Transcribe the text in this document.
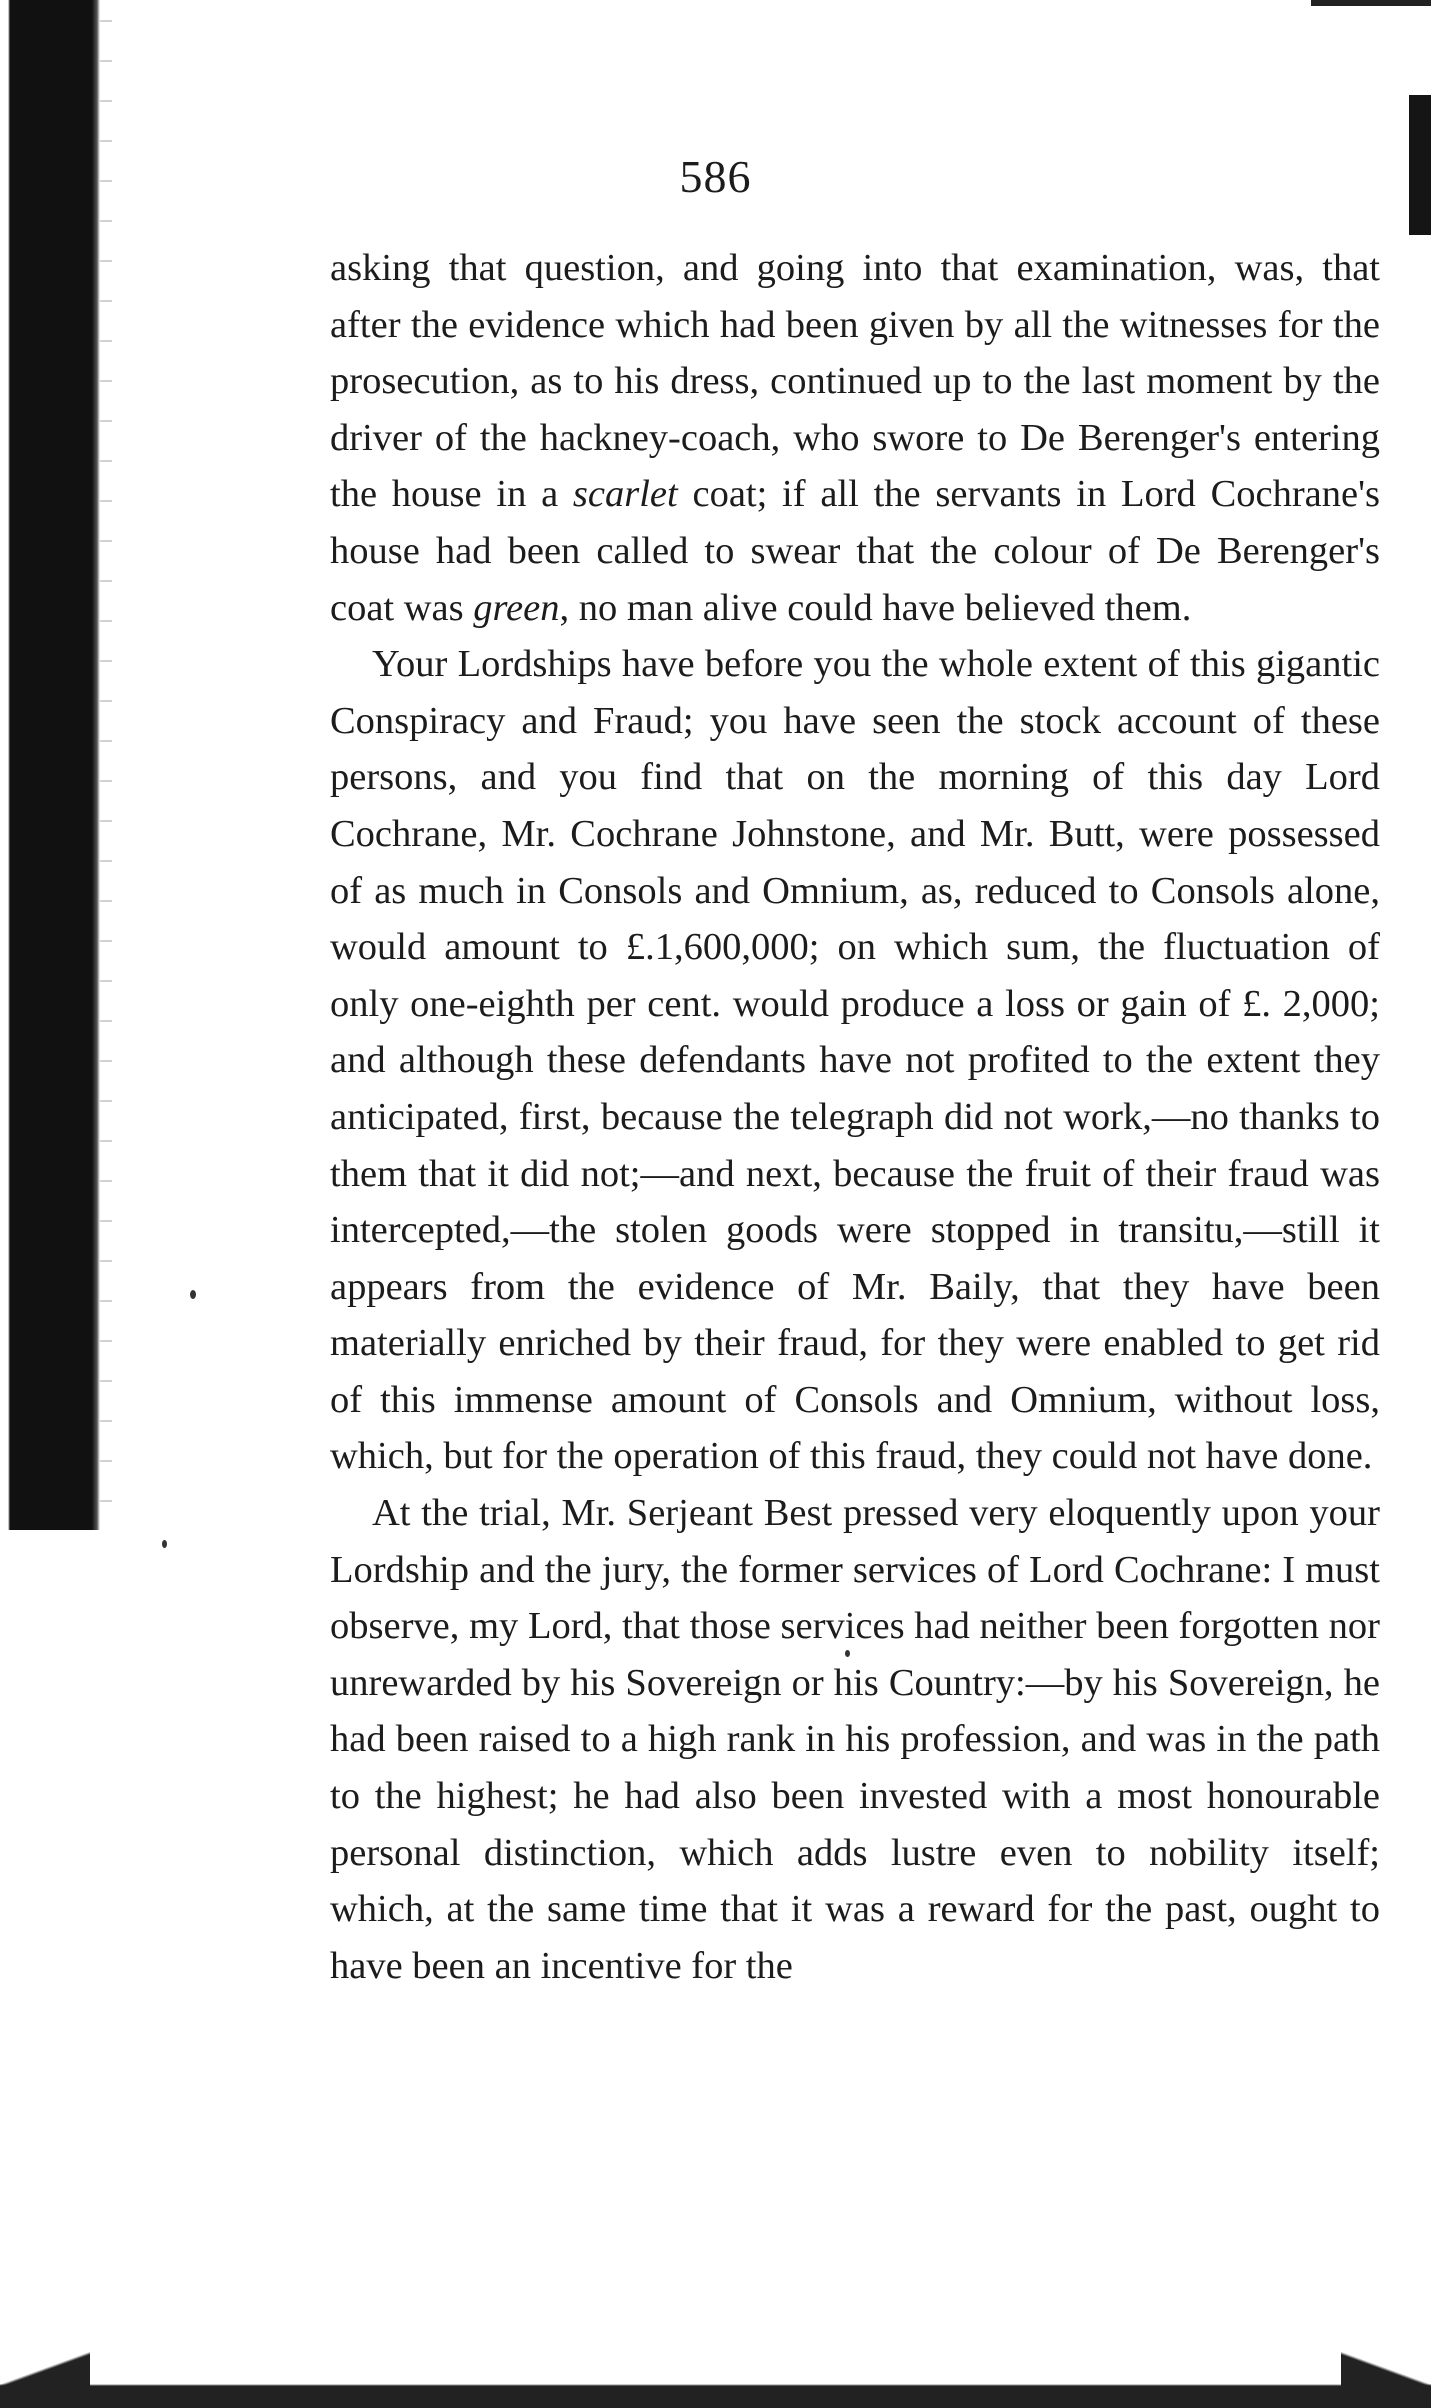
586

asking that question, and going into that examination, was, that after the evidence which had been given by all the witnesses for the prosecution, as to his dress, continued up to the last moment by the driver of the hackney-coach, who swore to De Berenger's entering the house in a scarlet coat; if all the servants in Lord Cochrane's house had been called to swear that the colour of De Berenger's coat was green, no man alive could have believed them.

Your Lordships have before you the whole extent of this gigantic Conspiracy and Fraud; you have seen the stock account of these persons, and you find that on the morning of this day Lord Cochrane, Mr. Cochrane Johnstone, and Mr. Butt, were possessed of as much in Consols and Omnium, as, reduced to Consols alone, would amount to £.1,600,000; on which sum, the fluctuation of only one-eighth per cent. would produce a loss or gain of £. 2,000; and although these defendants have not profited to the extent they anticipated, first, because the telegraph did not work,—no thanks to them that it did not;—and next, because the fruit of their fraud was intercepted,—the stolen goods were stopped in transitu,—still it appears from the evidence of Mr. Baily, that they have been materially enriched by their fraud, for they were enabled to get rid of this immense amount of Consols and Omnium, without loss, which, but for the operation of this fraud, they could not have done.

At the trial, Mr. Serjeant Best pressed very eloquently upon your Lordship and the jury, the former services of Lord Cochrane: I must observe, my Lord, that those services had neither been forgotten nor unrewarded by his Sovereign or his Country:—by his Sovereign, he had been raised to a high rank in his profession, and was in the path to the highest; he had also been invested with a most honourable personal distinction, which adds lustre even to nobility itself; which, at the same time that it was a reward for the past, ought to have been an incentive for the
